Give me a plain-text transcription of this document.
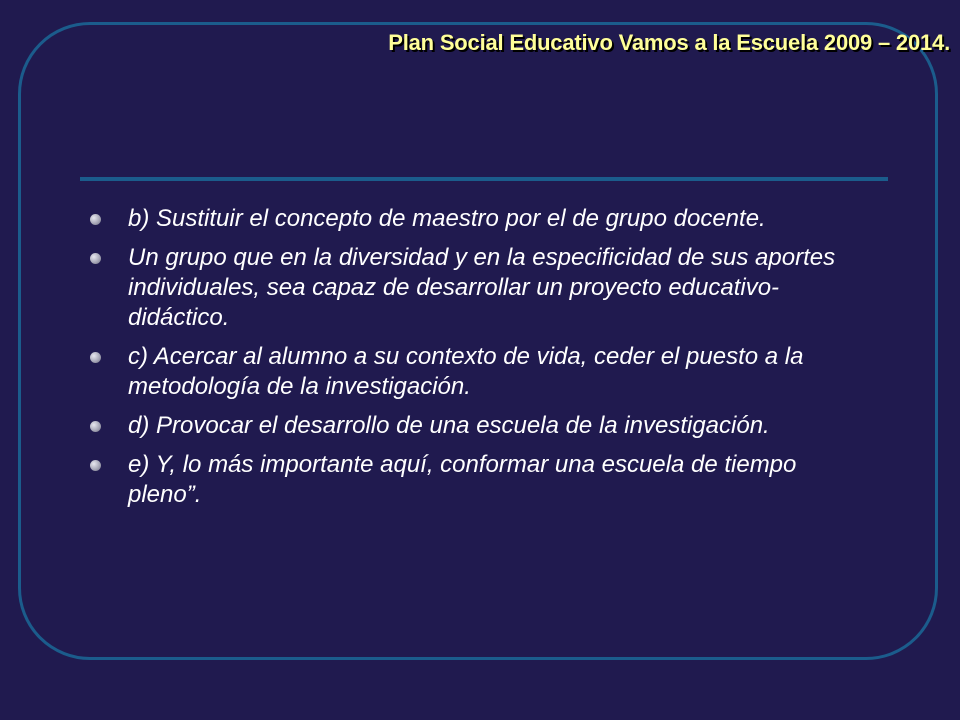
Plan Social Educativo Vamos a la Escuela 2009 – 2014.
b) Sustituir el concepto de maestro por el de grupo docente.
Un grupo que en la diversidad y en la especificidad de sus aportes individuales, sea capaz de desarrollar un proyecto educativo-didáctico.
c) Acercar al alumno a su contexto de vida, ceder el puesto a la metodología de la investigación.
d) Provocar el desarrollo de una escuela de la investigación.
e) Y, lo más importante aquí, conformar una escuela de tiempo pleno”.
